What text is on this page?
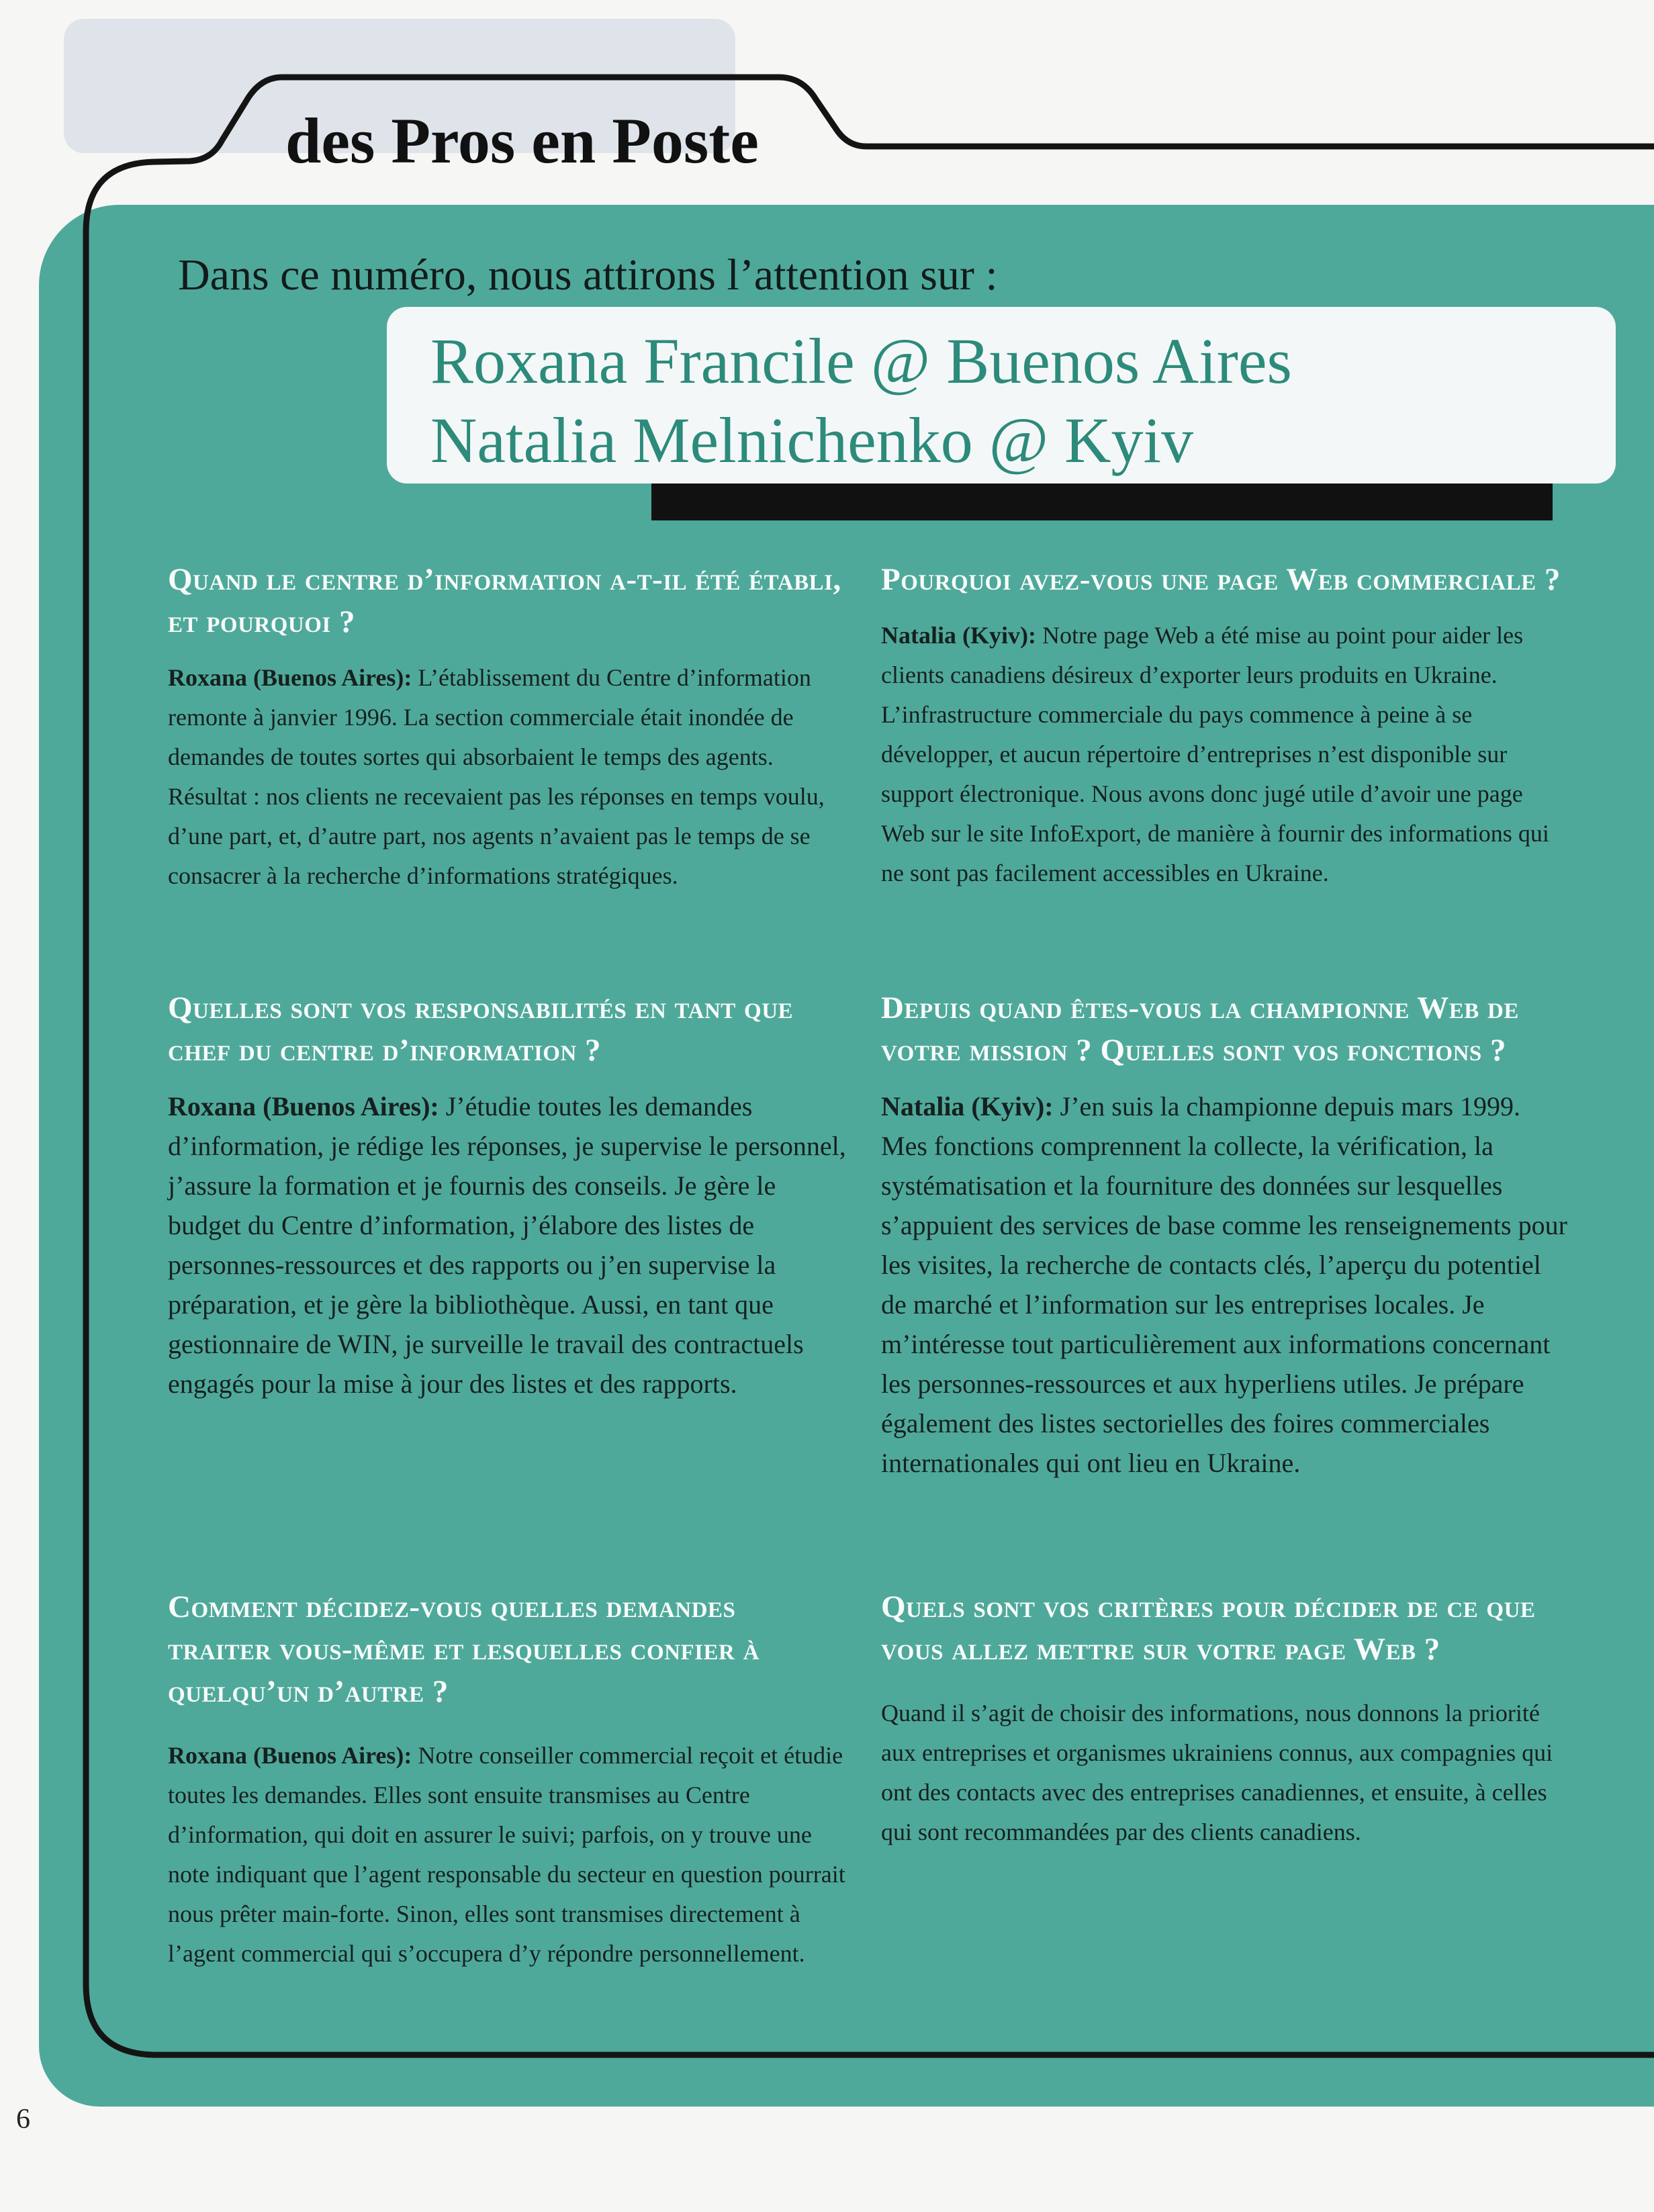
des Pros en Poste

Dans ce numéro, nous attirons l’attention sur :

Roxana Francile @ Buenos Aires
Natalia Melnichenko @ Kyiv
Quand le centre d’information a-t-il été établi, et pourquoi ?

Roxana (Buenos Aires): L’établissement du Centre d’information remonte à janvier 1996. La section commerciale était inondée de demandes de toutes sortes qui absorbaient le temps des agents. Résultat : nos clients ne recevaient pas les réponses en temps voulu, d’une part, et, d’autre part, nos agents n’avaient pas le temps de se consacrer à la recherche d’informations stratégiques.

Quelles sont vos responsabilités en tant que chef du centre d’information ?

Roxana (Buenos Aires): J’étudie toutes les demandes d’information, je rédige les réponses, je supervise le personnel, j’assure la formation et je fournis des conseils. Je gère le budget du Centre d’information, j’élabore des listes de personnes-ressources et des rapports ou j’en supervise la préparation, et je gère la bibliothèque. Aussi, en tant que gestionnaire de WIN, je surveille le travail des contractuels engagés pour la mise à jour des listes et des rapports.

Comment décidez-vous quelles demandes traiter vous-même et lesquelles confier à quelqu’un d’autre ?

Roxana (Buenos Aires): Notre conseiller commercial reçoit et étudie toutes les demandes. Elles sont ensuite transmises au Centre d’information, qui doit en assurer le suivi; parfois, on y trouve une note indiquant que l’agent responsable du secteur en question pourrait nous prêter main-forte. Sinon, elles sont transmises directement à l’agent commercial qui s’occupera d’y répondre personnellement.

Pourquoi avez-vous une page Web commerciale ?

Natalia (Kyiv): Notre page Web a été mise au point pour aider les clients canadiens désireux d’exporter leurs produits en Ukraine. L’infrastructure commerciale du pays commence à peine à se développer, et aucun répertoire d’entreprises n’est disponible sur support électronique. Nous avons donc jugé utile d’avoir une page Web sur le site InfoExport, de manière à fournir des informations qui ne sont pas facilement accessibles en Ukraine.

Depuis quand êtes-vous la championne Web de votre mission ? Quelles sont vos fonctions ?

Natalia (Kyiv): J’en suis la championne depuis mars 1999. Mes fonctions comprennent la collecte, la vérification, la systématisation et la fourniture des données sur lesquelles s’appuient des services de base comme les renseignements pour les visites, la recherche de contacts clés, l’aperçu du potentiel de marché et l’information sur les entreprises locales. Je m’intéresse tout particulièrement aux informations concernant les personnes-ressources et aux hyperliens utiles. Je prépare également des listes sectorielles des foires commerciales internationales qui ont lieu en Ukraine.

Quels sont vos critères pour décider de ce que vous allez mettre sur votre page Web ?

Quand il s’agit de choisir des informations, nous donnons la priorité aux entreprises et organismes ukrainiens connus, aux compagnies qui ont des contacts avec des entreprises canadiennes, et ensuite, à celles qui sont recommandées par des clients canadiens.

6
